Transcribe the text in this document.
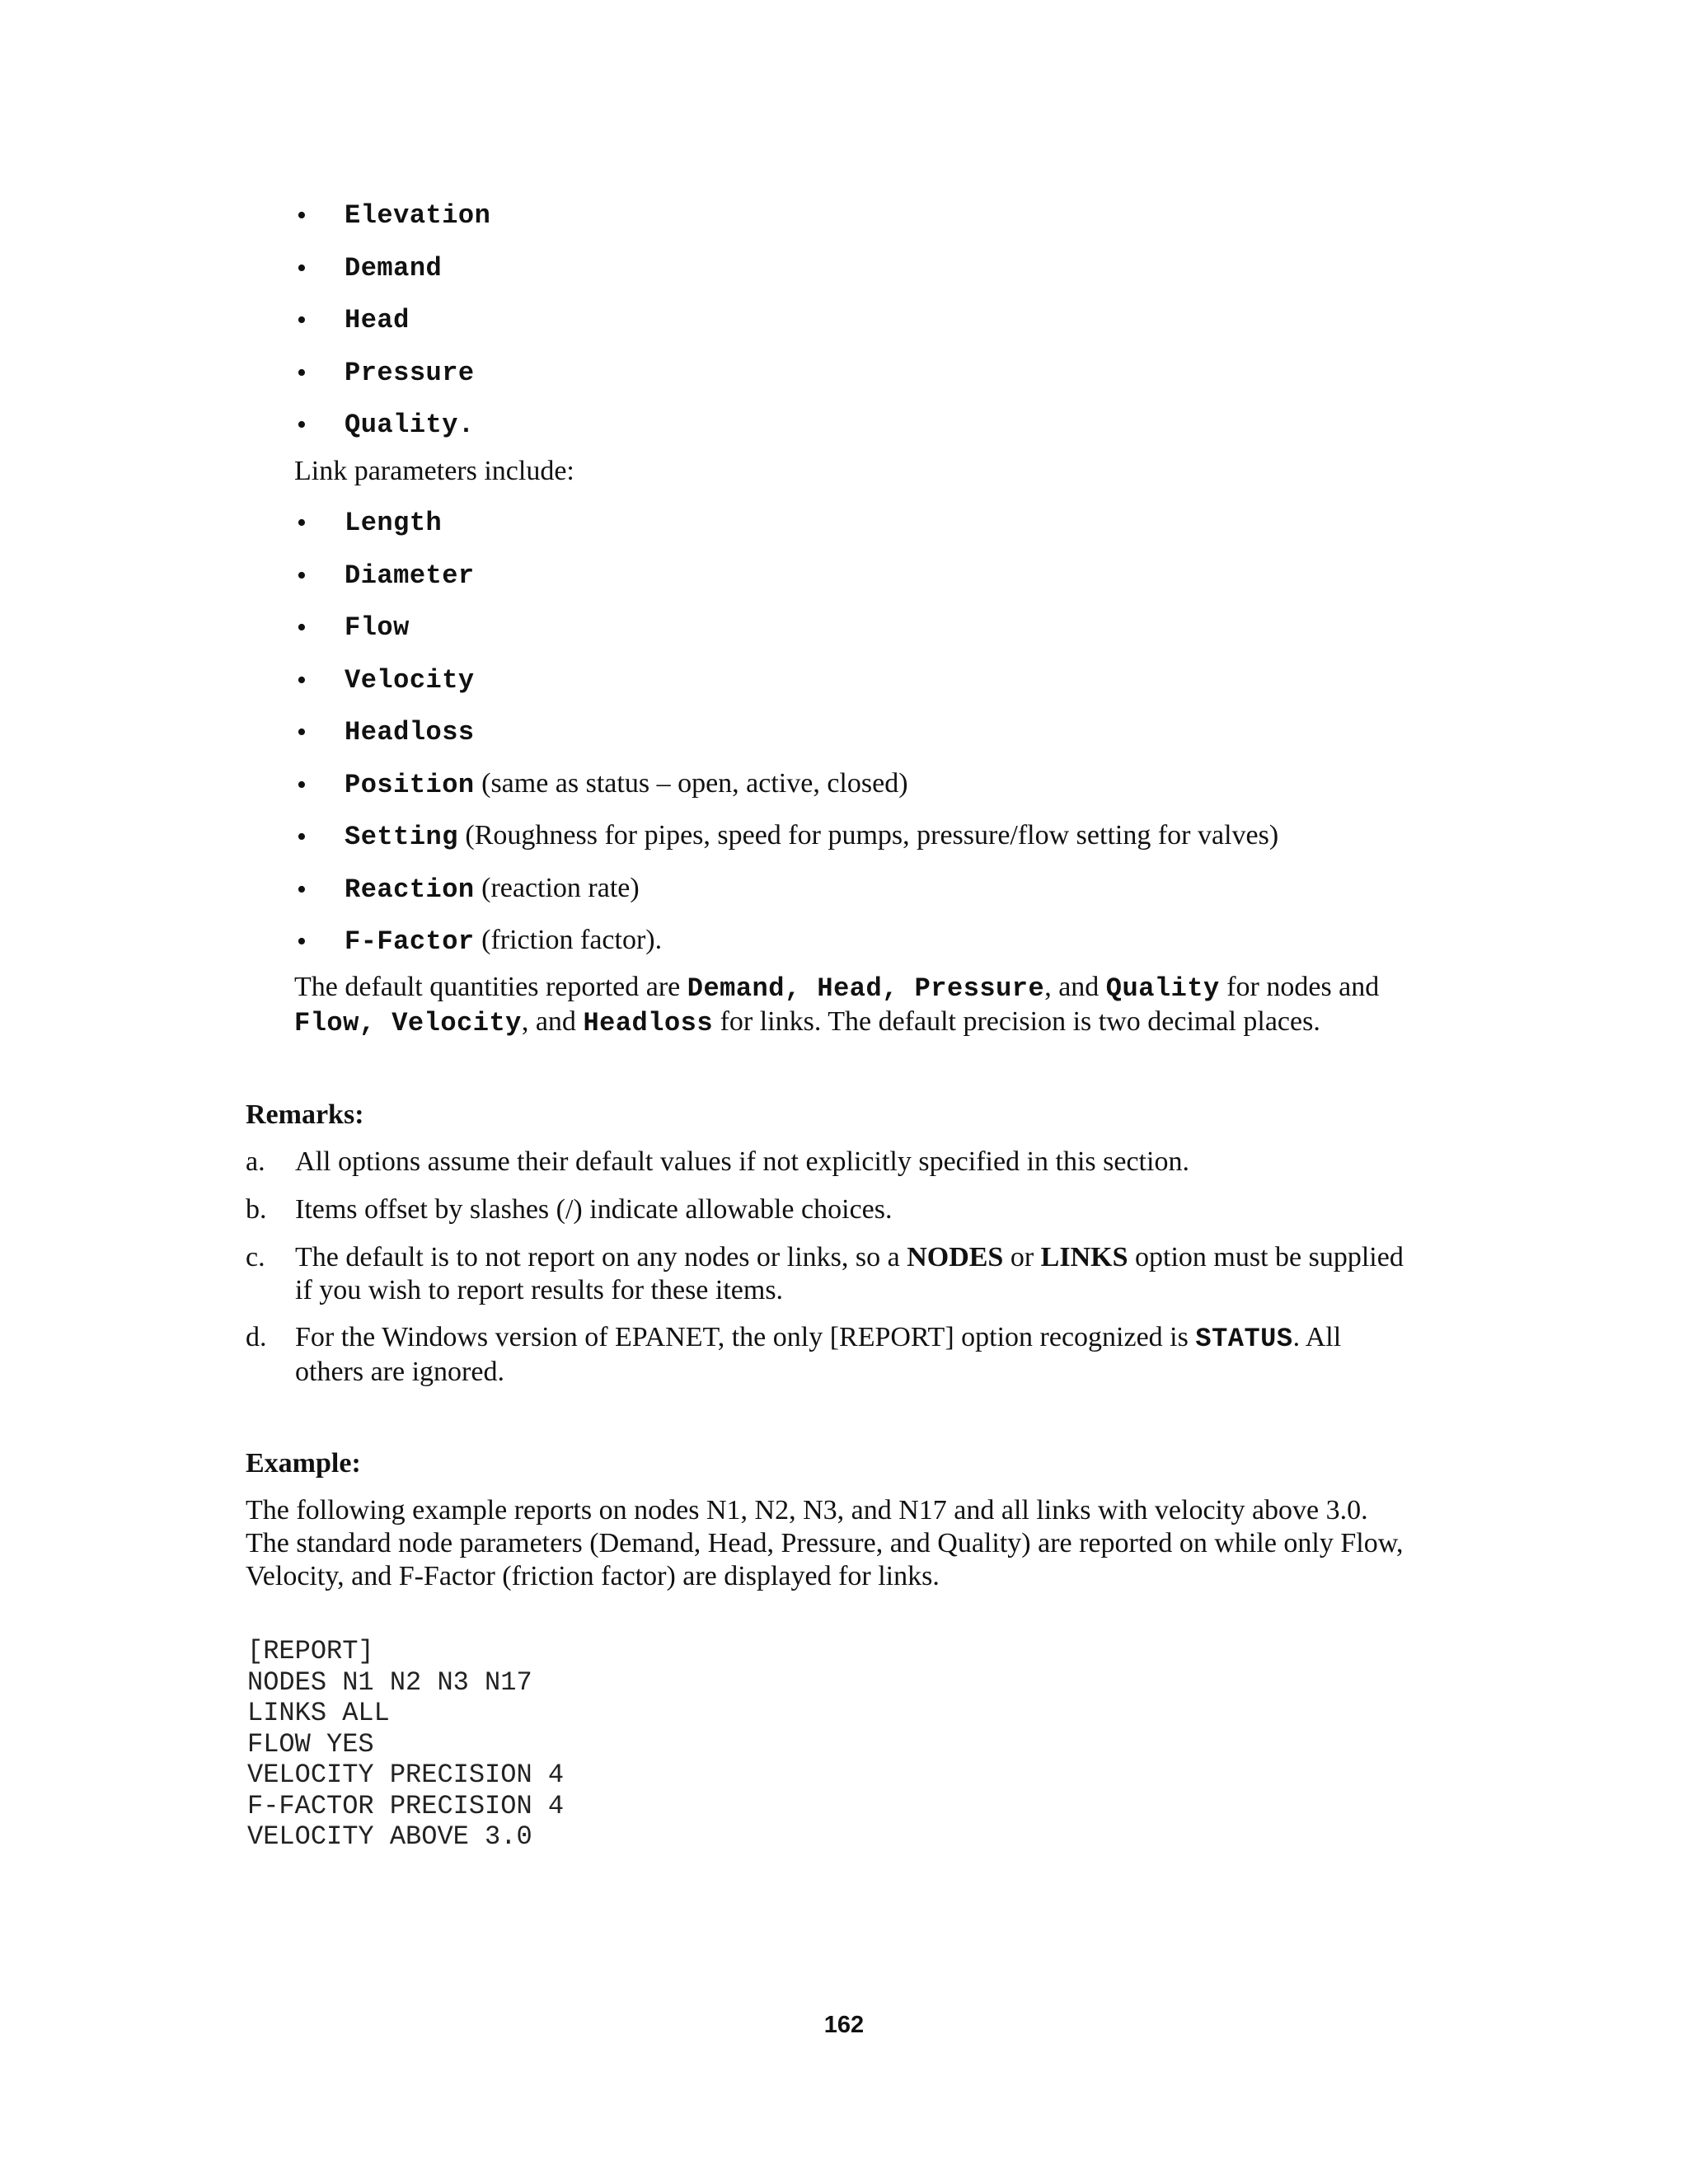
• Elevation
• Demand
• Head
• Pressure
• Quality.
Link parameters include:
• Length
• Diameter
• Flow
• Velocity
• Headloss
• Position (same as status – open, active, closed)
• Setting (Roughness for pipes, speed for pumps, pressure/flow setting for valves)
• Reaction (reaction rate)
• F-Factor (friction factor).
The default quantities reported are Demand, Head, Pressure, and Quality for nodes and
Flow, Velocity, and Headloss for links. The default precision is two decimal places.
Remarks:
a. All options assume their default values if not explicitly specified in this section.
b. Items offset by slashes (/) indicate allowable choices.
c. The default is to not report on any nodes or links, so a NODES or LINKS option must be supplied if you wish to report results for these items.
d. For the Windows version of EPANET, the only [REPORT] option recognized is STATUS. All others are ignored.
Example:
The following example reports on nodes N1, N2, N3, and N17 and all links with velocity above 3.0. The standard node parameters (Demand, Head, Pressure, and Quality) are reported on while only Flow, Velocity, and F-Factor (friction factor) are displayed for links.
[REPORT]
NODES N1 N2 N3 N17
LINKS ALL
FLOW YES
VELOCITY PRECISION 4
F-FACTOR PRECISION 4
VELOCITY ABOVE 3.0
162
